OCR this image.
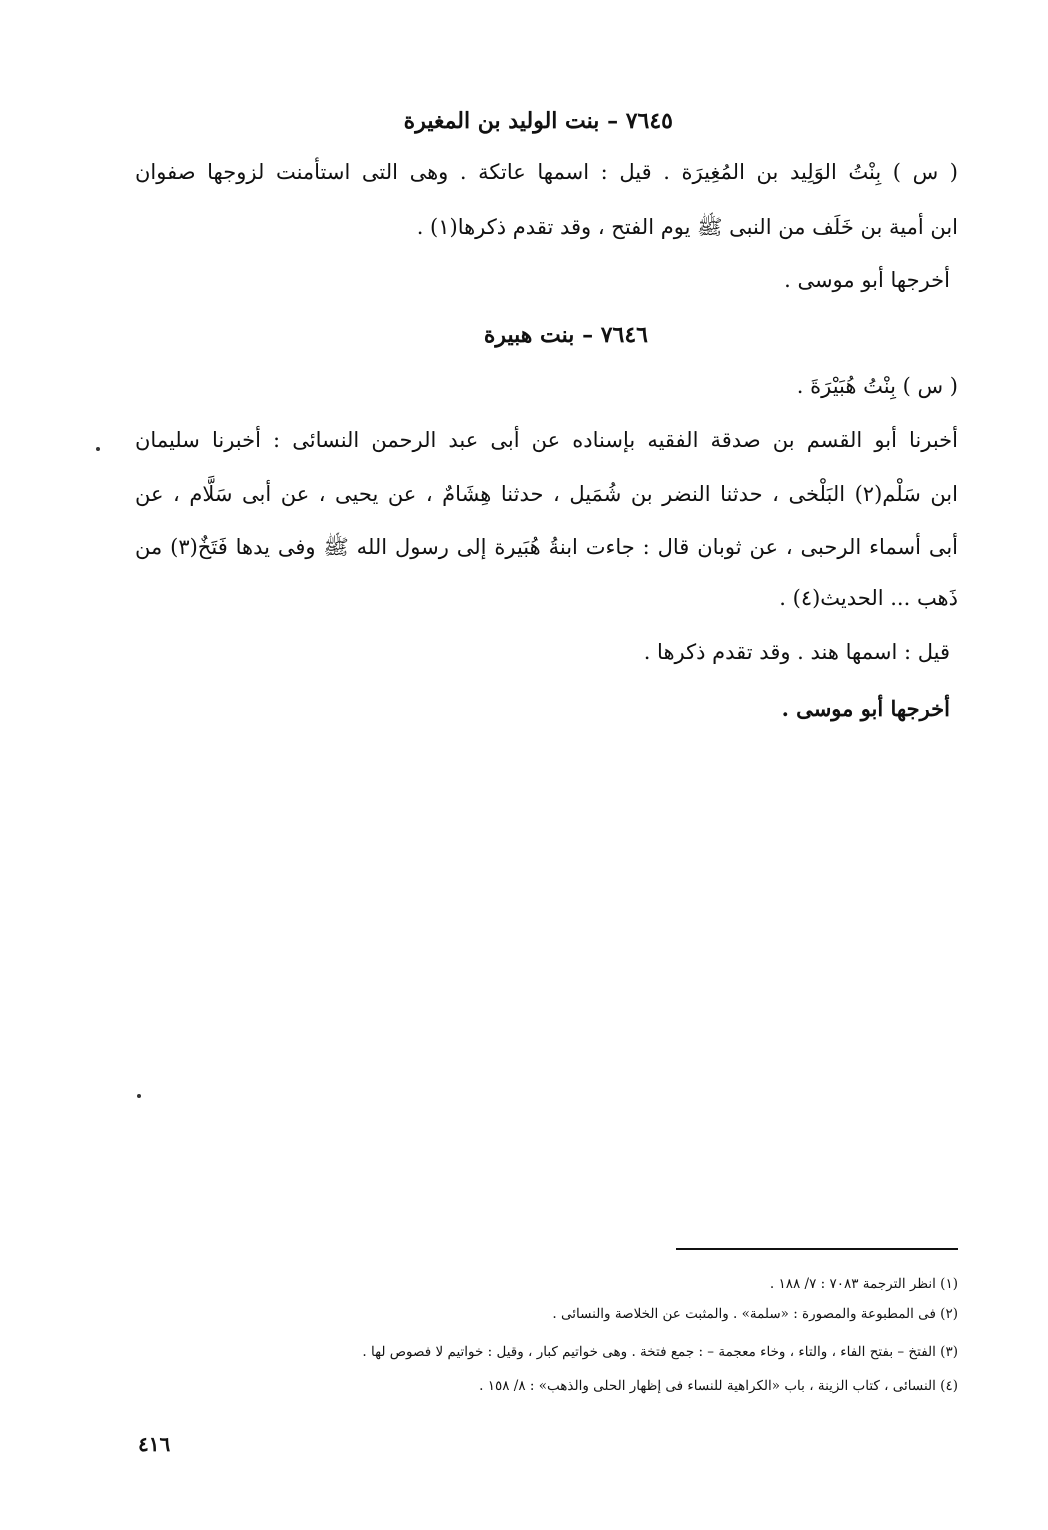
٧٦٤٥ – بنت الوليد بن المغيرة
( س ) بِنْتُ الوَلِيد بن المُغِيرَة . قيل : اسمها عاتكة . وهى التى استأمنت لزوجها صفوان
ابن أمية بن خَلَف من النبى ﷺ يوم الفتح ، وقد تقدم ذكرها(١) .
أخرجها أبو موسى .
٧٦٤٦ – بنت هبيرة
( س ) بِنْتُ هُبَيْرَةَ .
أخبرنا أبو القسم بن صدقة الفقيه بإسناده عن أبى عبد الرحمن النسائى : أخبرنا سليمان
ابن سَلْم(٢) البَلْخى ، حدثنا النضر بن شُمَيل ، حدثنا هِشَامٌ ، عن يحيى ، عن أبى سَلَّام ، عن
أبى أسماء الرحبى ، عن ثوبان قال : جاءت ابنةُ هُبَيرة إلى رسول الله ﷺ وفى يدها فَتَخٌ(٣) من
ذَهب ... الحديث(٤) .
قيل : اسمها هند . وقد تقدم ذكرها .
أخرجها أبو موسى .
(١) انظر الترجمة ٧٠٨٣ : ٧/ ١٨٨ .
(٢) فى المطبوعة والمصورة : «سلمة» . والمثبت عن الخلاصة والنسائى .
(٣) الفتخ – بفتح الفاء ، والتاء ، وخاء معجمة – : جمع فتخة . وهى خواتيم كبار ، وقيل : خواتيم لا فصوص لها .
(٤) النسائى ، كتاب الزينة ، باب «الكراهية للنساء فى إظهار الحلى والذهب» : ٨/ ١٥٨ .
٤١٦
